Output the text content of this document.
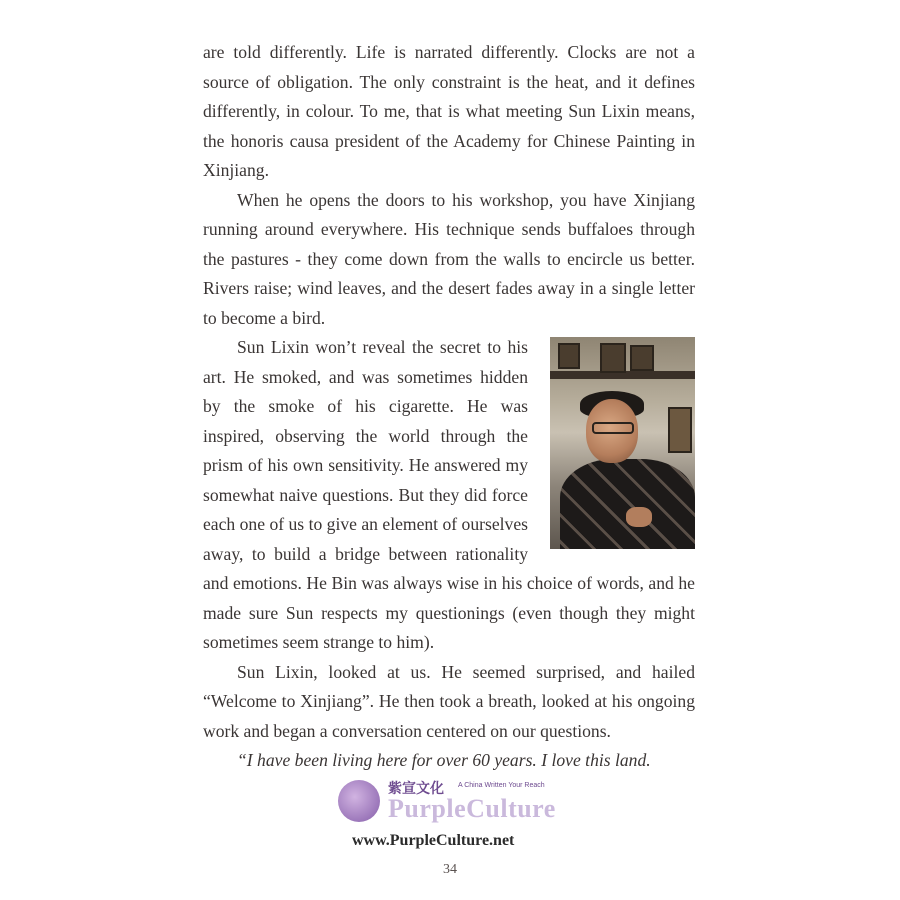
are told differently. Life is narrated differently. Clocks are not a source of obligation. The only constraint is the heat, and it defines differently, in colour. To me, that is what meeting Sun Lixin means, the honoris causa president of the Academy for Chinese Painting in Xinjiang.

When he opens the doors to his workshop, you have Xinjiang running around everywhere. His technique sends buffaloes through the pastures - they come down from the walls to encircle us better. Rivers raise; wind leaves, and the desert fades away in a single letter to become a bird.

Sun Lixin won’t reveal the secret to his art. He smoked, and was sometimes hidden by the smoke of his cigarette. He was inspired, observing the world through the prism of his own sensitivity. He answered my somewhat naive questions. But they did force each one of us to give an element of ourselves away, to build a bridge between rationality and emotions. He Bin was always wise in his choice of words, and he made sure Sun respects my questionings (even though they might sometimes seem strange to him).

Sun Lixin, looked at us. He seemed surprised, and hailed “Welcome to Xinjiang”. He then took a breath, looked at his ongoing work and began a conversation centered on our questions.

“I have been living here for over 60 years. I love this land.

紫宣文化 A China Written Your Reach
PurpleCulture
www.PurpleCulture.net
34
